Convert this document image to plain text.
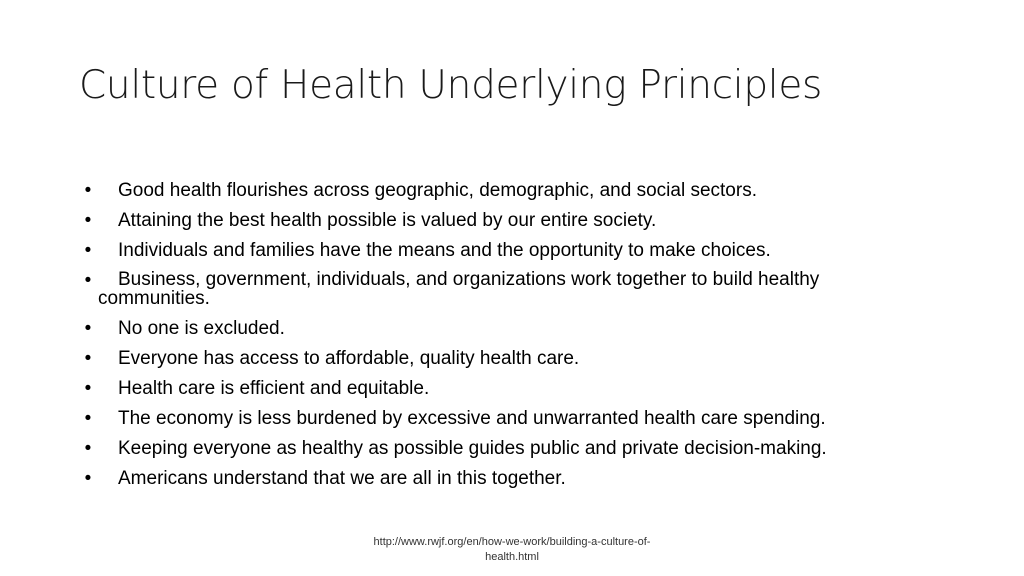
Culture of Health Underlying Principles
•	Good health flourishes across geographic, demographic, and social sectors.
•	Attaining the best health possible is valued by our entire society.
•	Individuals and families have the means and the opportunity to make choices.
•	Business, government, individuals, and organizations work together to build healthy
communities.
•	No one is excluded.
•	Everyone has access to affordable, quality health care.
•	Health care is efficient and equitable.
•	The economy is less burdened by excessive and unwarranted health care spending.
•	Keeping everyone as healthy as possible guides public and private decision-making.
•	Americans understand that we are all in this together.
http://www.rwjf.org/en/how-we-work/building-a-culture-of-
health.html
